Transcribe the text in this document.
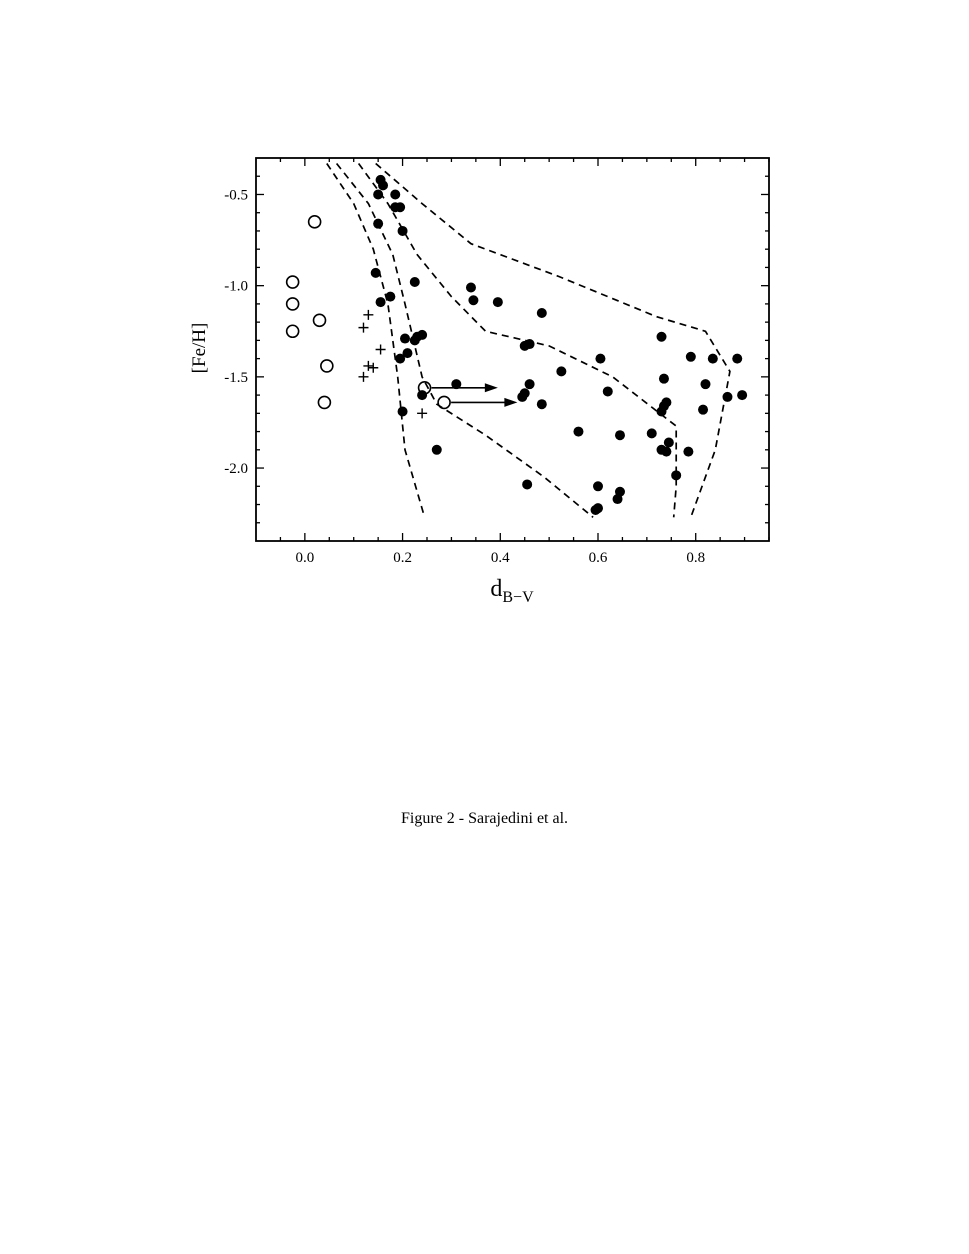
0.0	0.2	0.4	0.6	0.8
-0.5
-1.0
-1.5
-2.0
[Fe/H]
$d_{B-V}$
Figure 2 - Sarajedini et al.
